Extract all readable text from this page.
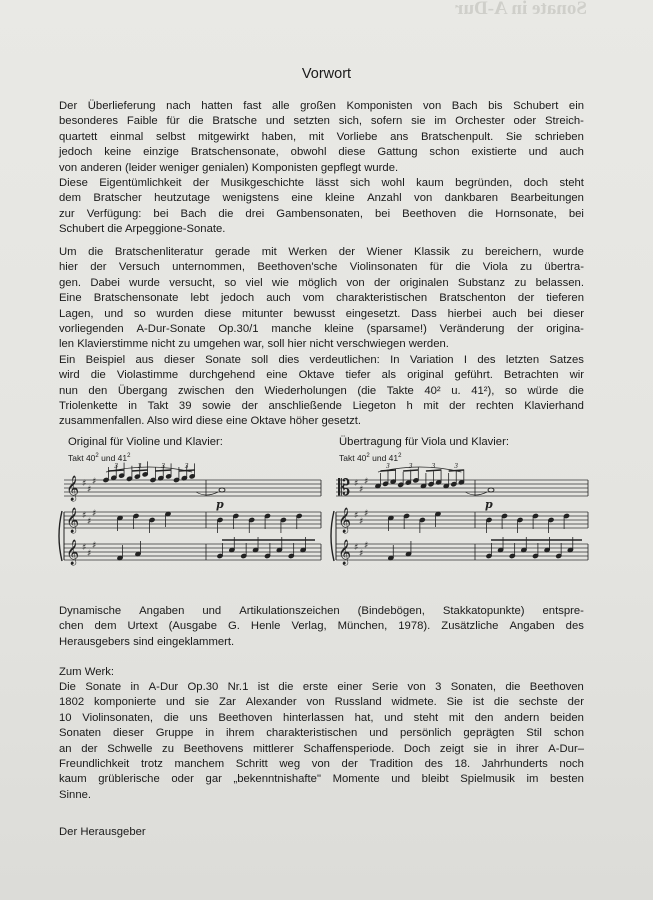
Sonate in A-Dur
Vorwort
Der Überlieferung nach hatten fast alle großen Komponisten von Bach bis Schubert ein
besonderes Faible für die Bratsche und setzten sich, sofern sie im Orchester oder Streich-
quartett einmal selbst mitgewirkt haben, mit Vorliebe ans Bratschenpult. Sie schrieben
jedoch keine einzige Bratschensonate, obwohl diese Gattung schon existierte und auch
von anderen (leider weniger genialen) Komponisten gepflegt wurde.
Diese Eigentümlichkeit der Musikgeschichte lässt sich wohl kaum begründen, doch steht
dem Bratscher heutzutage wenigstens eine kleine Anzahl von dankbaren Bearbeitungen
zur Verfügung: bei Bach die drei Gambensonaten, bei Beethoven die Hornsonate, bei
Schubert die Arpeggione-Sonate.
Um die Bratschenliteratur gerade mit Werken der Wiener Klassik zu bereichern, wurde
hier der Versuch unternommen, Beethoven'sche Violinsonaten für die Viola zu übertra-
gen. Dabei wurde versucht, so viel wie möglich von der originalen Substanz zu belassen.
Eine Bratschensonate lebt jedoch auch vom charakteristischen Bratschenton der tieferen
Lagen, und so wurden diese mitunter bewusst eingesetzt. Dass hierbei auch bei dieser
vorliegenden A-Dur-Sonate Op.30/1 manche kleine (sparsame!) Veränderung der origina-
len Klavierstimme nicht zu umgehen war, soll hier nicht verschwiegen werden.
Ein Beispiel aus dieser Sonate soll dies verdeutlichen: In Variation I des letzten Satzes
wird die Violastimme durchgehend eine Oktave tiefer als original geführt. Betrachten wir
nun den Übergang zwischen den Wiederholungen (die Takte 40² u. 41²), so würde die
Triolenkette in Takt 39 sowie der anschließende Liegeton h mit der rechten Klavierhand
zusammenfallen. Also wird diese eine Oktave höher gesetzt.
Original für Violine und Klavier:
Takt $40^2$ und $41^2$
Übertragung für Viola und Klavier:
Takt $40^2$ und $41^2$
𝄞
𝄞
𝄞
♯
♯
♯
♯
♯
♯
♯
♯
♯
3	3	3	3
p
𝄡
𝄞
𝄞
♯
♯
♯
♯
♯
♯
♯
♯
♯
3	3	3	3
p
Dynamische Angaben und Artikulationszeichen (Bindebögen, Stakkatopunkte) entspre-
chen dem Urtext (Ausgabe G. Henle Verlag, München, 1978). Zusätzliche Angaben des
Herausgebers sind eingeklammert.
Zum Werk:
Die Sonate in A-Dur Op.30 Nr.1 ist die erste einer Serie von 3 Sonaten, die Beethoven
1802 komponierte und sie Zar Alexander von Russland widmete. Sie ist die sechste der
10 Violinsonaten, die uns Beethoven hinterlassen hat, und steht mit den andern beiden
Sonaten dieser Gruppe in ihrem charakteristischen und persönlich geprägten Stil schon
an der Schwelle zu Beethovens mittlerer Schaffensperiode. Doch zeigt sie in ihrer A-Dur–
Freundlichkeit trotz manchem Schritt weg von der Tradition des 18. Jahrhunderts noch
kaum grüblerische oder gar „bekenntnishafte" Momente und bleibt Spielmusik im besten
Sinne.
Der Herausgeber
